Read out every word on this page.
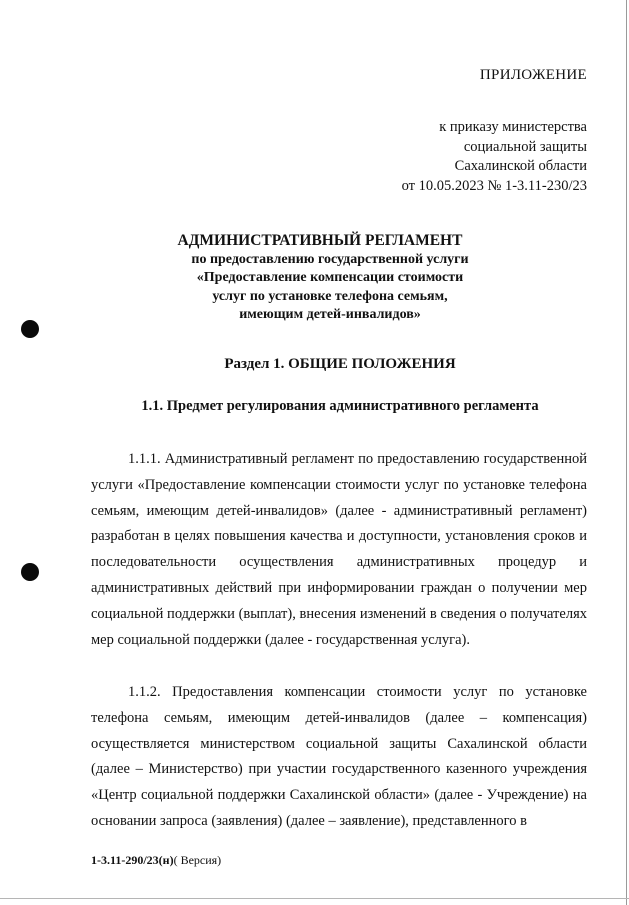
ПРИЛОЖЕНИЕ
к приказу министерства
социальной защиты
Сахалинской области
от 10.05.2023 № 1-3.11-230/23
АДМИНИСТРАТИВНЫЙ РЕГЛАМЕНТ
по предоставлению государственной услуги
«Предоставление компенсации стоимости
услуг по установке телефона семьям,
имеющим детей-инвалидов»
Раздел 1. ОБЩИЕ ПОЛОЖЕНИЯ
1.1. Предмет регулирования административного регламента

1.1.1. Административный регламент по предоставлению государственной услуги «Предоставление компенсации стоимости услуг по установке телефона семьям, имеющим детей-инвалидов» (далее - административный регламент) разработан в целях повышения качества и доступности, установления сроков и последовательности осуществления административных процедур и административных действий при информировании граждан о получении мер социальной поддержки (выплат), внесения изменений в сведения о получателях мер социальной поддержки (далее - государственная услуга).

1.1.2. Предоставления компенсации стоимости услуг по установке телефона семьям, имеющим детей-инвалидов (далее – компенсация) осуществляется министерством социальной защиты Сахалинской области (далее – Министерство) при участии государственного казенного учреждения «Центр социальной поддержки Сахалинской области» (далее - Учреждение) на основании запроса (заявления) (далее – заявление), представленного в

1-3.11-290/23(н)( Версия)
